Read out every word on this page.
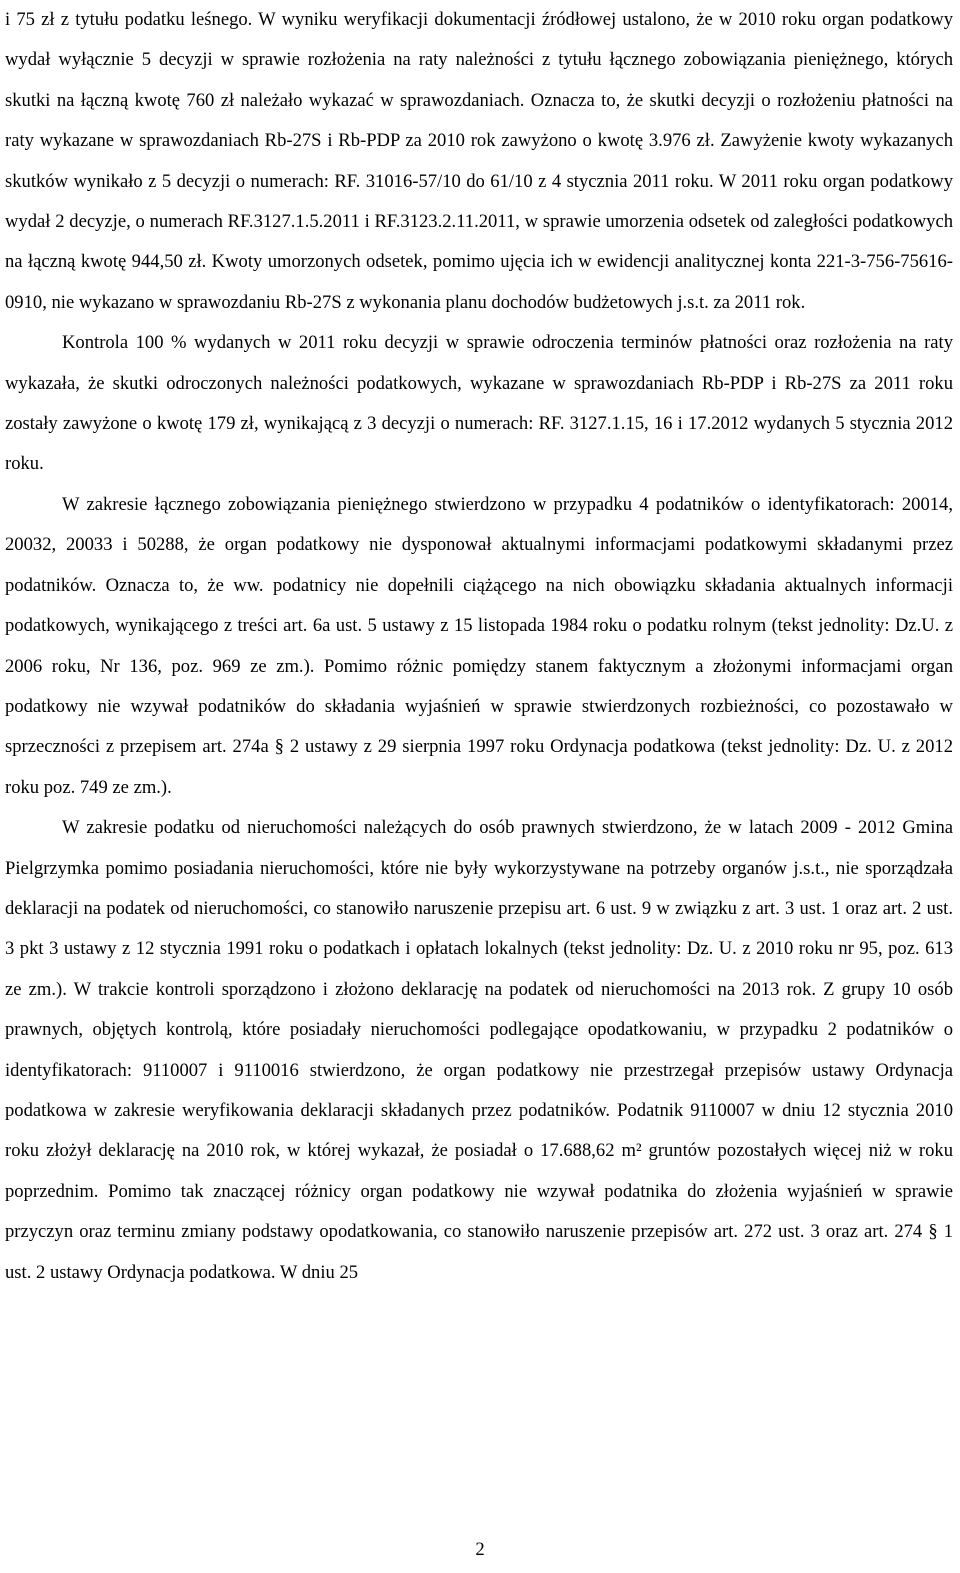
i 75 zł z tytułu podatku leśnego. W wyniku weryfikacji dokumentacji źródłowej ustalono, że w 2010 roku organ podatkowy wydał wyłącznie 5 decyzji w sprawie rozłożenia na raty należności z tytułu łącznego zobowiązania pieniężnego, których skutki na łączną kwotę 760 zł należało wykazać w sprawozdaniach. Oznacza to, że skutki decyzji o rozłożeniu płatności na raty wykazane w sprawozdaniach Rb-27S i Rb-PDP za 2010 rok zawyżono o kwotę 3.976 zł. Zawyżenie kwoty wykazanych skutków wynikało z 5 decyzji o numerach: RF. 31016-57/10 do 61/10 z 4 stycznia 2011 roku. W 2011 roku organ podatkowy wydał 2 decyzje, o numerach RF.3127.1.5.2011 i RF.3123.2.11.2011, w sprawie umorzenia odsetek od zaległości podatkowych na łączną kwotę 944,50 zł. Kwoty umorzonych odsetek, pomimo ujęcia ich w ewidencji analitycznej konta 221-3-756-75616-0910, nie wykazano w sprawozdaniu Rb-27S z wykonania planu dochodów budżetowych j.s.t. za 2011 rok.

Kontrola 100 % wydanych w 2011 roku decyzji w sprawie odroczenia terminów płatności oraz rozłożenia na raty wykazała, że skutki odroczonych należności podatkowych, wykazane w sprawozdaniach Rb-PDP i Rb-27S za 2011 roku zostały zawyżone o kwotę 179 zł, wynikającą z 3 decyzji o numerach: RF. 3127.1.15, 16 i 17.2012 wydanych 5 stycznia 2012 roku.

W zakresie łącznego zobowiązania pieniężnego stwierdzono w przypadku 4 podatników o identyfikatorach: 20014, 20032, 20033 i 50288, że organ podatkowy nie dysponował aktualnymi informacjami podatkowymi składanymi przez podatników. Oznacza to, że ww. podatnicy nie dopełnili ciążącego na nich obowiązku składania aktualnych informacji podatkowych, wynikającego z treści art. 6a ust. 5 ustawy z 15 listopada 1984 roku o podatku rolnym (tekst jednolity: Dz.U. z 2006 roku, Nr 136, poz. 969 ze zm.). Pomimo różnic pomiędzy stanem faktycznym a złożonymi informacjami organ podatkowy nie wzywał podatników do składania wyjaśnień w sprawie stwierdzonych rozbieżności, co pozostawało w sprzeczności z przepisem art. 274a § 2 ustawy z 29 sierpnia 1997 roku Ordynacja podatkowa (tekst jednolity: Dz. U. z 2012 roku poz. 749 ze zm.).

W zakresie podatku od nieruchomości należących do osób prawnych stwierdzono, że w latach 2009 - 2012 Gmina Pielgrzymka pomimo posiadania nieruchomości, które nie były wykorzystywane na potrzeby organów j.s.t., nie sporządzała deklaracji na podatek od nieruchomości, co stanowiło naruszenie przepisu art. 6 ust. 9 w związku z art. 3 ust. 1 oraz art. 2 ust. 3 pkt 3 ustawy z 12 stycznia 1991 roku o podatkach i opłatach lokalnych (tekst jednolity: Dz. U. z 2010 roku nr 95, poz. 613 ze zm.). W trakcie kontroli sporządzono i złożono deklarację na podatek od nieruchomości na 2013 rok. Z grupy 10 osób prawnych, objętych kontrolą, które posiadały nieruchomości podlegające opodatkowaniu, w przypadku 2 podatników o identyfikatorach: 9110007 i 9110016 stwierdzono, że organ podatkowy nie przestrzegał przepisów ustawy Ordynacja podatkowa w zakresie weryfikowania deklaracji składanych przez podatników. Podatnik 9110007 w dniu 12 stycznia 2010 roku złożył deklarację na 2010 rok, w której wykazał, że posiadał o 17.688,62 m² gruntów pozostałych więcej niż w roku poprzednim. Pomimo tak znaczącej różnicy organ podatkowy nie wzywał podatnika do złożenia wyjaśnień w sprawie przyczyn oraz terminu zmiany podstawy opodatkowania, co stanowiło naruszenie przepisów art. 272 ust. 3 oraz art. 274 § 1 ust. 2 ustawy Ordynacja podatkowa. W dniu 25

2
